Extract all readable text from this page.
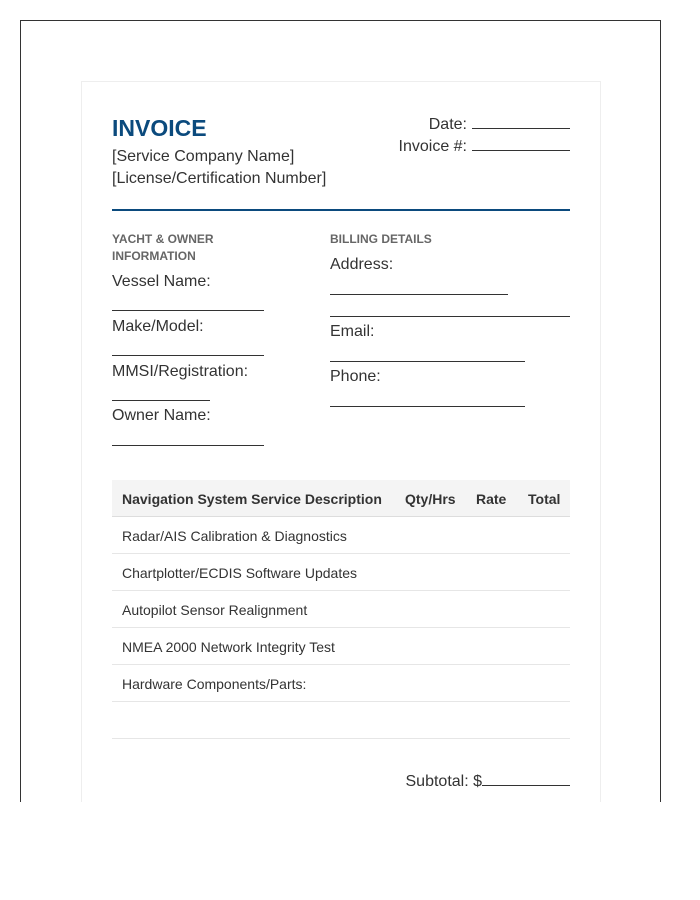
INVOICE
[Service Company Name]
[License/Certification Number]
Date:
Invoice #:
YACHT & OWNER INFORMATION
Vessel Name:
Make/Model:
MMSI/Registration:
Owner Name:
BILLING DETAILS
Address:
Email:
Phone:
Navigation System Service Description Qty/Hrs Rate Total
Radar/AIS Calibration & Diagnostics
Chartplotter/ECDIS Software Updates
Autopilot Sensor Realignment
NMEA 2000 Network Integrity Test
Hardware Components/Parts:
Subtotal: $
